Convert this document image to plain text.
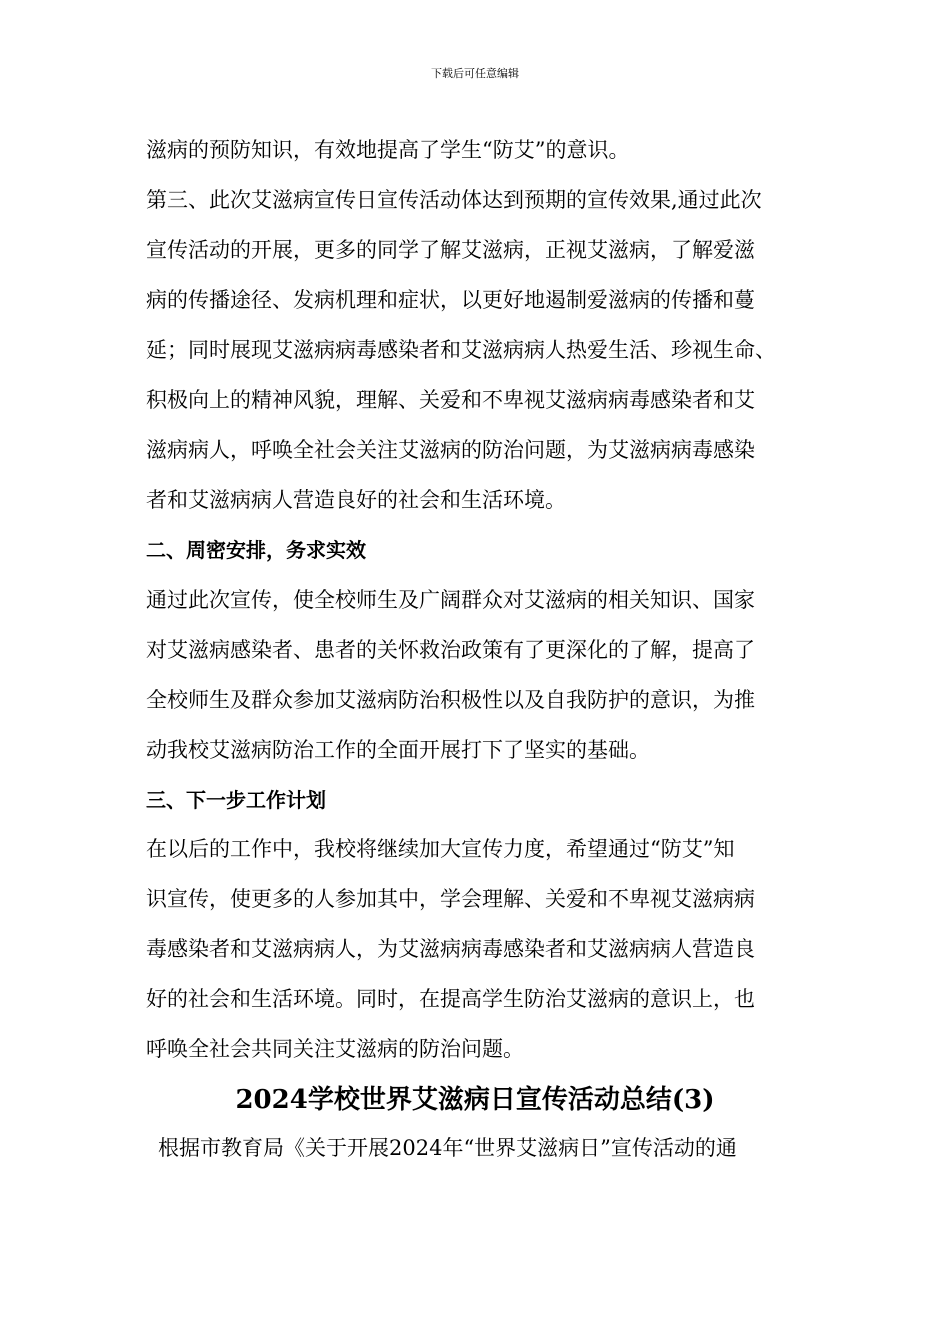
下载后可任意编辑
滋病的预防知识，有效地提高了学生“防艾”的意识。
第三、此次艾滋病宣传日宣传活动体达到预期的宣传效果,通过此次
宣传活动的开展，更多的同学了解艾滋病，正视艾滋病，了解爱滋
病的传播途径、发病机理和症状，以更好地遏制爱滋病的传播和蔓
延；同时展现艾滋病病毒感染者和艾滋病病人热爱生活、珍视生命、
积极向上的精神风貌，理解、关爱和不卑视艾滋病病毒感染者和艾
滋病病人，呼唤全社会关注艾滋病的防治问题，为艾滋病病毒感染
者和艾滋病病人营造良好的社会和生活环境。
二、周密安排，务求实效
通过此次宣传，使全校师生及广阔群众对艾滋病的相关知识、国家
对艾滋病感染者、患者的关怀救治政策有了更深化的了解，提高了
全校师生及群众参加艾滋病防治积极性以及自我防护的意识，为推
动我校艾滋病防治工作的全面开展打下了坚实的基础。
三、下一步工作计划
在以后的工作中，我校将继续加大宣传力度，希望通过“防艾”知
识宣传，使更多的人参加其中，学会理解、关爱和不卑视艾滋病病
毒感染者和艾滋病病人，为艾滋病病毒感染者和艾滋病病人营造良
好的社会和生活环境。同时，在提高学生防治艾滋病的意识上，也
呼唤全社会共同关注艾滋病的防治问题。
2024学校世界艾滋病日宣传活动总结(3)
根据市教育局《关于开展2024年“世界艾滋病日”宣传活动的通
